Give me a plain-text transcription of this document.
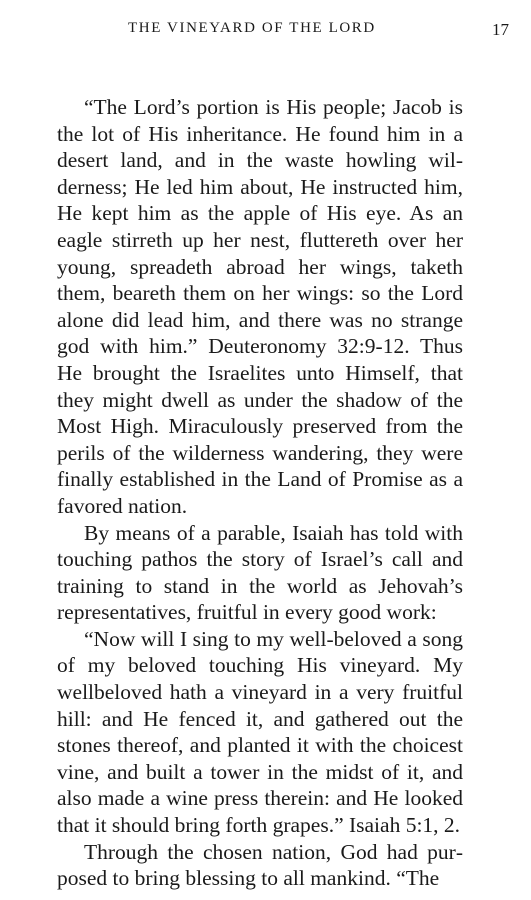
THE VINEYARD OF THE LORD	17

“The Lord’s portion is His people; Jacob is the lot of His inheritance. He found him in a desert land, and in the waste howling wilderness; He led him about, He instructed him, He kept him as the apple of His eye. As an eagle stirreth up her nest, fluttereth over her young, spreadeth abroad her wings, taketh them, beareth them on her wings: so the Lord alone did lead him, and there was no strange god with him.” Deuteronomy 32:9-12. Thus He brought the Israelites unto Himself, that they might dwell as under the shadow of the Most High. Miraculously preserved from the perils of the wilderness wandering, they were finally established in the Land of Promise as a favored nation.

By means of a parable, Isaiah has told with touching pathos the story of Israel’s call and training to stand in the world as Jehovah’s representatives, fruitful in every good work:

“Now will I sing to my well-beloved a song of my beloved touching His vineyard. My wellbeloved hath a vineyard in a very fruitful hill: and He fenced it, and gathered out the stones thereof, and planted it with the choicest vine, and built a tower in the midst of it, and also made a wine press therein: and He looked that it should bring forth grapes.” Isaiah 5:1, 2.

Through the chosen nation, God had purposed to bring blessing to all mankind. “The
